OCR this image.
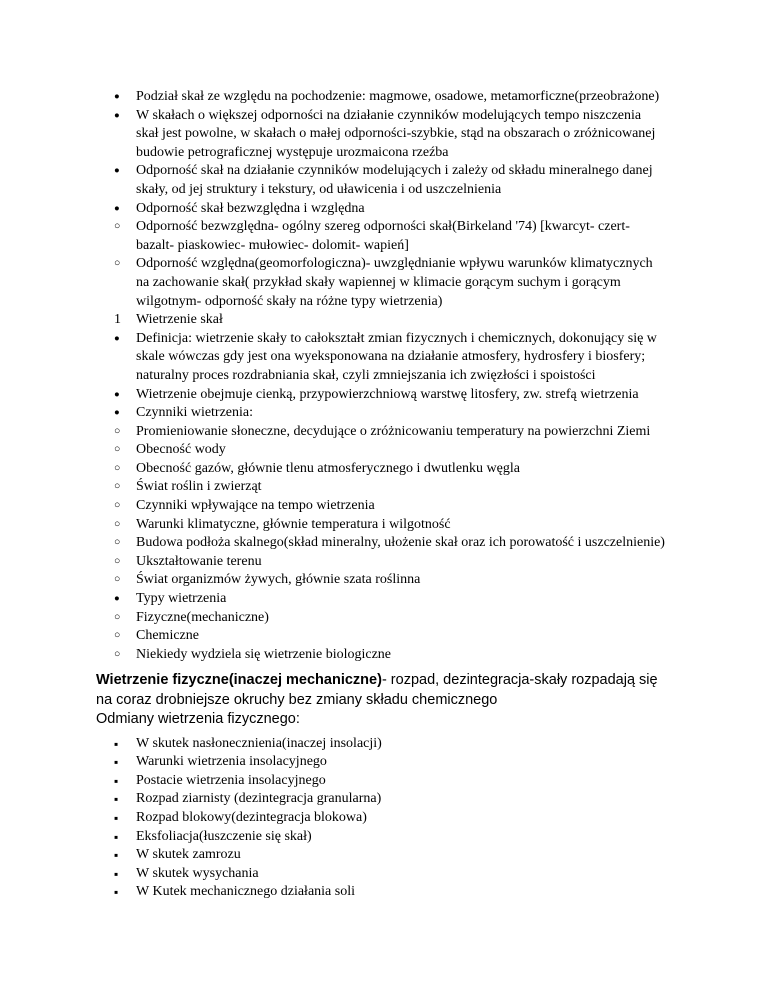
●	Podział skał ze względu na pochodzenie: magmowe, osadowe, metamorficzne(przeobrażone)
●	W skałach o większej odporności na działanie czynników modelujących tempo niszczenia skał jest powolne, w skałach o małej odporności-szybkie, stąd na obszarach o zróżnicowanej budowie petrograficznej występuje urozmaicona rzeźba
●	Odporność skał na działanie czynników modelujących i zależy od składu mineralnego danej skały, od jej struktury i tekstury, od uławicenia i od uszczelnienia
●	Odporność skał bezwzględna i względna
○	Odporność bezwzględna- ogólny szereg odporności skał(Birkeland '74) [kwarcyt- czert- bazalt- piaskowiec- mułowiec- dolomit- wapień]
○	Odporność względna(geomorfologiczna)- uwzględnianie wpływu warunków klimatycznych na zachowanie skał( przykład skały wapiennej w klimacie gorącym suchym i gorącym wilgotnym- odporność skały na różne typy wietrzenia)
1	Wietrzenie skał
●	Definicja: wietrzenie skały to całokształt zmian fizycznych i chemicznych, dokonujący się w skale wówczas gdy jest ona wyeksponowana na działanie atmosfery, hydrosfery i biosfery; naturalny proces rozdrabniania skał, czyli zmniejszania ich zwięzłości i spoistości
●	Wietrzenie obejmuje cienką, przypowierzchniową warstwę litosfery, zw. strefą wietrzenia
●	Czynniki wietrzenia:
○	Promieniowanie słoneczne, decydujące o zróżnicowaniu temperatury na powierzchni Ziemi
○	Obecność wody
○	Obecność gazów, głównie tlenu atmosferycznego i dwutlenku węgla
○	Świat roślin i zwierząt
○	Czynniki wpływające na tempo wietrzenia
○	Warunki klimatyczne, głównie temperatura i wilgotność
○	Budowa podłoża skalnego(skład mineralny, ułożenie skał oraz ich porowatość i uszczelnienie)
○	Ukształtowanie terenu
○	Świat organizmów żywych, głównie szata roślinna
●	Typy wietrzenia
○	Fizyczne(mechaniczne)
○	Chemiczne
○	Niekiedy wydziela się wietrzenie biologiczne

Wietrzenie fizyczne(inaczej mechaniczne)- rozpad, dezintegracja-skały rozpadają się na coraz drobniejsze okruchy bez zmiany składu chemicznego

Odmiany wietrzenia fizycznego:

▪	W skutek nasłonecznienia(inaczej insolacji)
▪	Warunki wietrzenia insolacyjnego
▪	Postacie wietrzenia insolacyjnego
▪	Rozpad ziarnisty (dezintegracja granularna)
▪	Rozpad blokowy(dezintegracja blokowa)
▪	Eksfoliacja(łuszczenie się skał)
▪	W skutek zamrozu
▪	W skutek wysychania
▪	W Kutek mechanicznego działania soli
